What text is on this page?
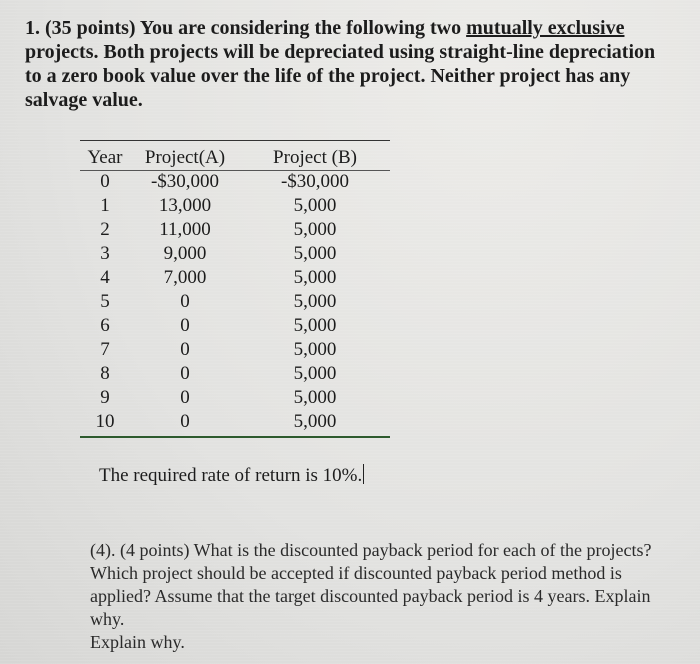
1. (35 points) You are considering the following two mutually exclusive projects. Both projects will be depreciated using straight-line depreciation to a zero book value over the life of the project. Neither project has any salvage value.
Year	Project(A)	Project (B)
0	-$30,000	-$30,000
1	13,000	5,000
2	11,000	5,000
3	9,000	5,000
4	7,000	5,000
5	0	5,000
6	0	5,000
7	0	5,000
8	0	5,000
9	0	5,000
10	0	5,000
The required rate of return is 10%.

(4). (4 points) What is the discounted payback period for each of the projects? Which project should be accepted if discounted payback period method is applied? Assume that the target discounted payback period is 4 years. Explain why.

Explain why.
